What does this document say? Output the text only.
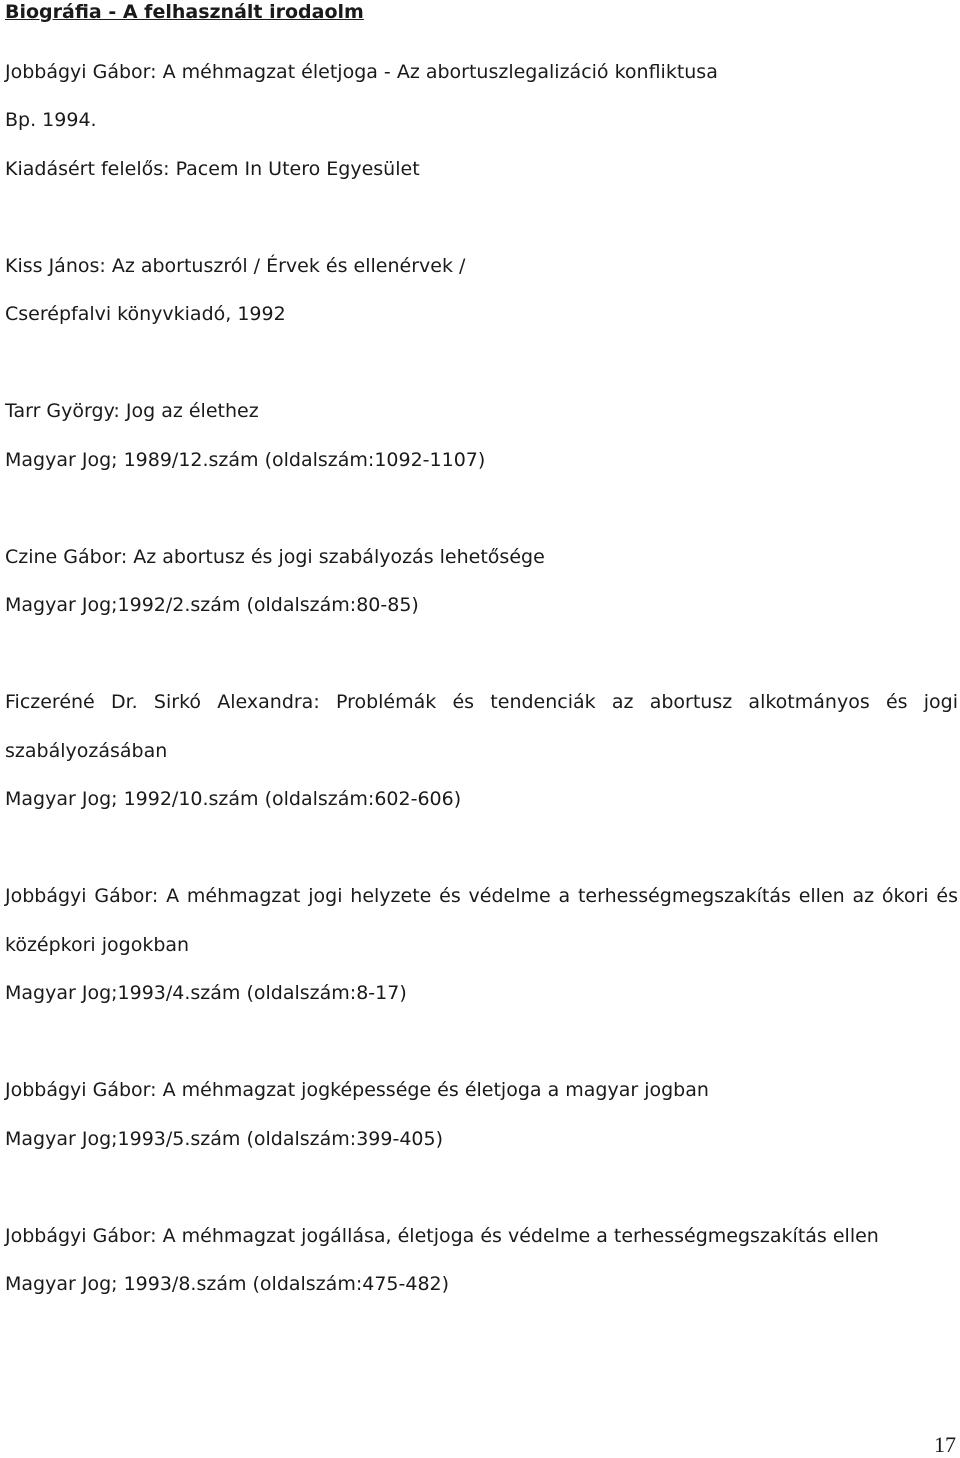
Biográfia - A felhasznált irodaolm
Jobbágyi Gábor: A méhmagzat életjoga - Az abortuszlegalizáció konfliktusa
Bp. 1994.
Kiadásért felelős: Pacem In Utero Egyesület
Kiss János: Az abortuszról / Érvek és ellenérvek /
Cserépfalvi könyvkiadó, 1992
Tarr György: Jog az élethez
Magyar Jog; 1989/12.szám (oldalszám:1092-1107)
Czine Gábor: Az abortusz és jogi szabályozás lehetősége
Magyar Jog;1992/2.szám (oldalszám:80-85)
Ficzeréné Dr. Sirkó Alexandra: Problémák és tendenciák az abortusz alkotmányos és jogi
szabályozásában
Magyar Jog; 1992/10.szám (oldalszám:602-606)
Jobbágyi Gábor: A méhmagzat jogi helyzete és védelme a terhességmegszakítás ellen az ókori és
középkori jogokban
Magyar Jog;1993/4.szám (oldalszám:8-17)
Jobbágyi Gábor: A méhmagzat jogképessége és életjoga a magyar jogban
Magyar Jog;1993/5.szám (oldalszám:399-405)
Jobbágyi Gábor: A méhmagzat jogállása, életjoga és védelme a terhességmegszakítás ellen
Magyar Jog; 1993/8.szám (oldalszám:475-482)
17
